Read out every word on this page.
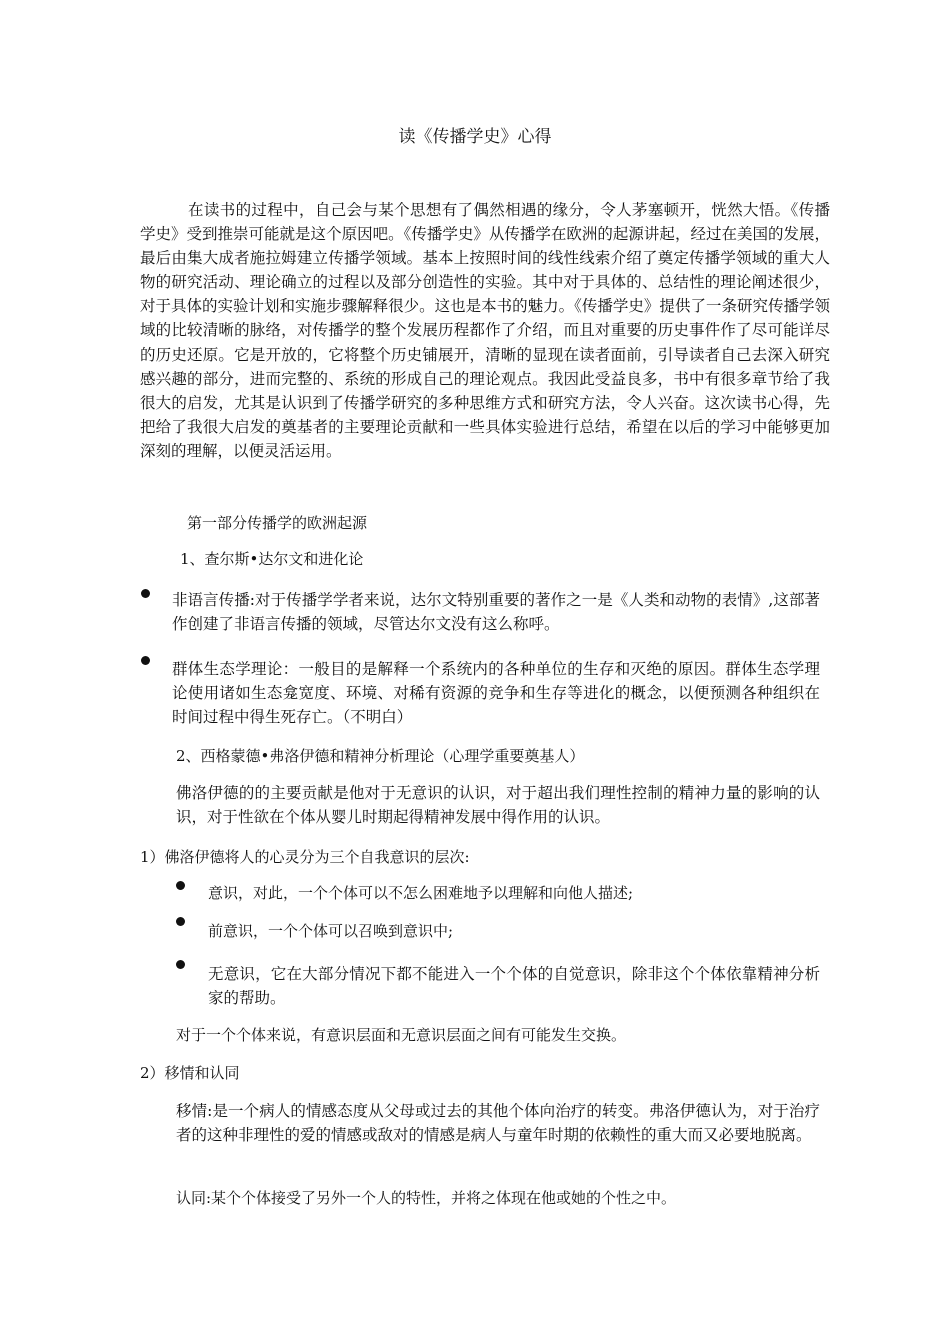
读《传播学史》心得

在读书的过程中，自己会与某个思想有了偶然相遇的缘分，令人茅塞顿开，恍然大悟。《传播学史》受到推崇可能就是这个原因吧。《传播学史》从传播学在欧洲的起源讲起，经过在美国的发展，最后由集大成者施拉姆建立传播学领域。基本上按照时间的线性线索介绍了奠定传播学领域的重大人物的研究活动、理论确立的过程以及部分创造性的实验。其中对于具体的、总结性的理论阐述很少，对于具体的实验计划和实施步骤解释很少。这也是本书的魅力。《传播学史》提供了一条研究传播学领域的比较清晰的脉络，对传播学的整个发展历程都作了介绍，而且对重要的历史事件作了尽可能详尽的历史还原。它是开放的，它将整个历史铺展开，清晰的显现在读者面前，引导读者自己去深入研究感兴趣的部分，进而完整的、系统的形成自己的理论观点。我因此受益良多，书中有很多章节给了我很大的启发，尤其是认识到了传播学研究的多种思维方式和研究方法，令人兴奋。这次读书心得，先把给了我很大启发的奠基者的主要理论贡献和一些具体实验进行总结，希望在以后的学习中能够更加深刻的理解，以便灵活运用。

第一部分传播学的欧洲起源
1、查尔斯•达尔文和进化论

非语言传播:对于传播学学者来说，达尔文特别重要的著作之一是《人类和动物的表情》,这部著作创建了非语言传播的领域，尽管达尔文没有这么称呼。

群体生态学理论：一般目的是解释一个系统内的各种单位的生存和灭绝的原因。群体生态学理论使用诸如生态龛宽度、环境、对稀有资源的竞争和生存等进化的概念，以便预测各种组织在时间过程中得生死存亡。（不明白）

2、西格蒙德•弗洛伊德和精神分析理论（心理学重要奠基人）

佛洛伊德的的主要贡献是他对于无意识的认识，对于超出我们理性控制的精神力量的影响的认识，对于性欲在个体从婴儿时期起得精神发展中得作用的认识。

1）佛洛伊德将人的心灵分为三个自我意识的层次:
意识，对此，一个个体可以不怎么困难地予以理解和向他人描述;
前意识，一个个体可以召唤到意识中;

无意识，它在大部分情况下都不能进入一个个体的自觉意识，除非这个个体依靠精神分析家的帮助。

对于一个个体来说，有意识层面和无意识层面之间有可能发生交换。
2）移情和认同

移情:是一个病人的情感态度从父母或过去的其他个体向治疗的转变。弗洛伊德认为，对于治疗者的这种非理性的爱的情感或敌对的情感是病人与童年时期的依赖性的重大而又必要地脱离。

认同:某个个体接受了另外一个人的特性，并将之体现在他或她的个性之中。
